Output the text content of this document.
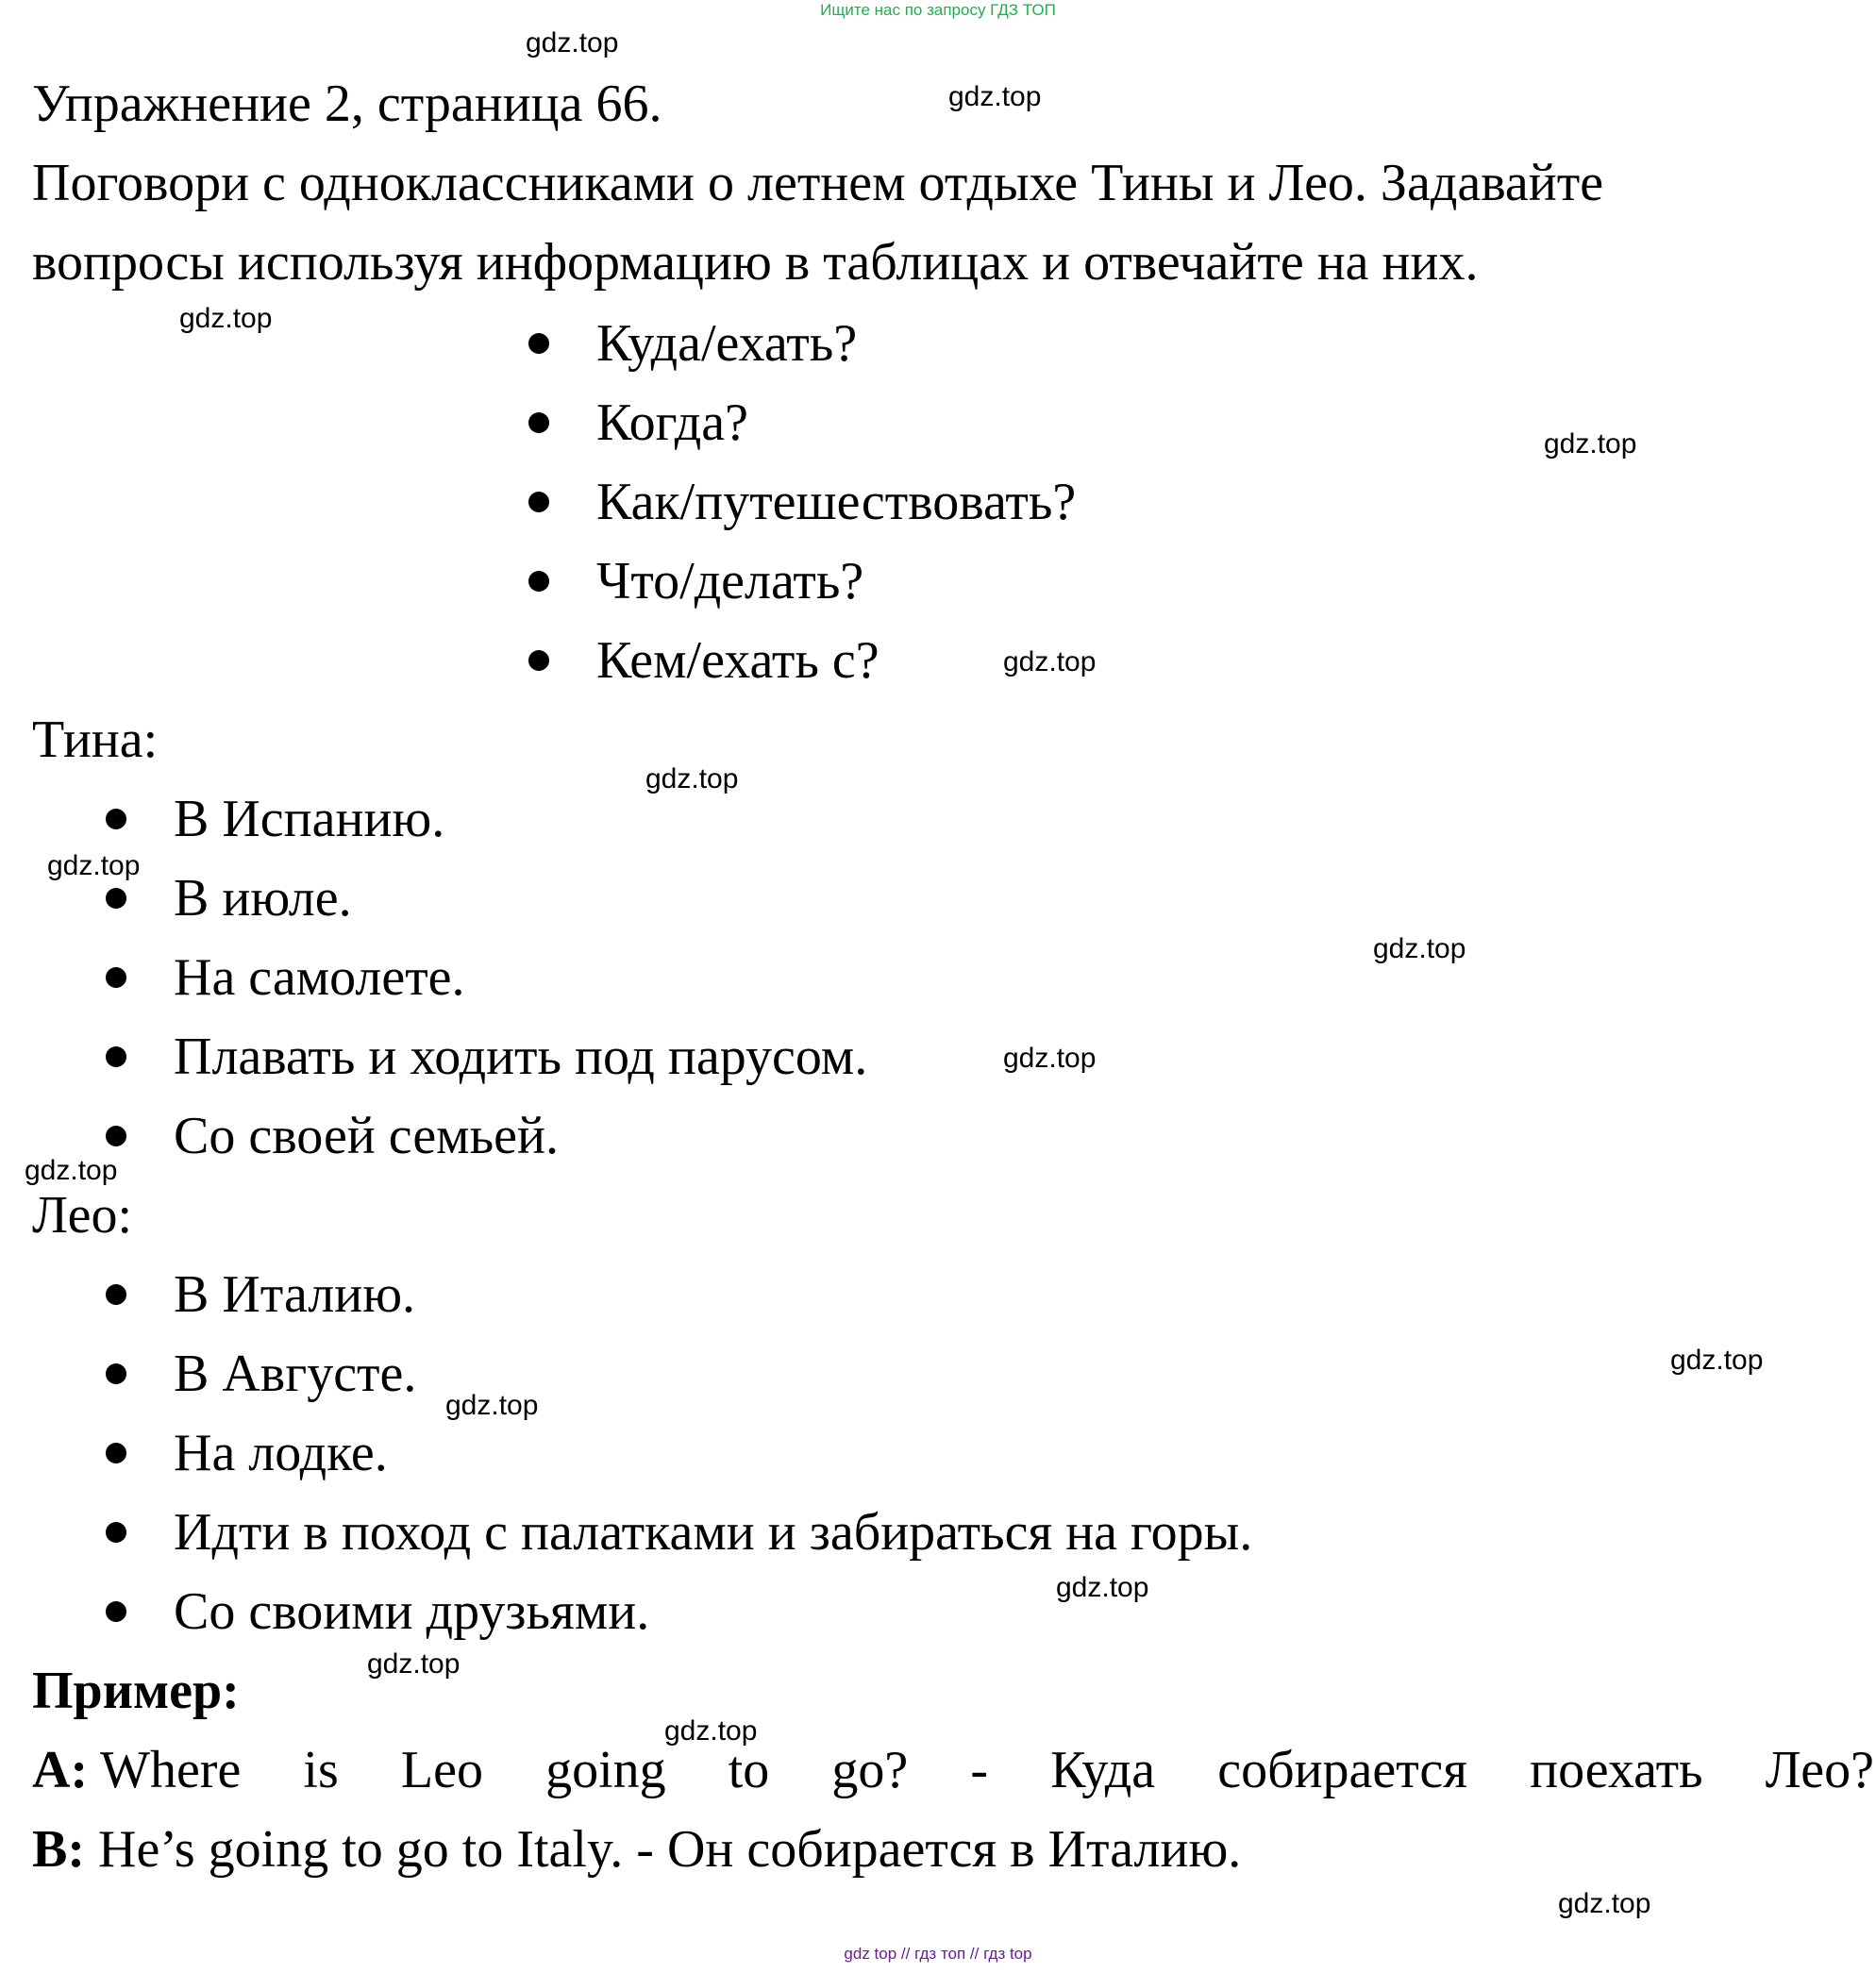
Ищите нас по запросу ГДЗ ТОП
Упражнение 2, страница 66.
Поговори с одноклассниками о летнем отдыхе Тины и Лео. Задавайте
вопросы используя информацию в таблицах и отвечайте на них.
Куда/ехать?
Когда?
Как/путешествовать?
Что/делать?
Кем/ехать с?
Тина:
В Испанию.
В июле.
На самолете.
Плавать и ходить под парусом.
Со своей семьей.
Лео:
В Италию.
В Августе.
На лодке.
Идти в поход с палатками и забираться на горы.
Со своими друзьями.
Пример:
A: Where is Leo going to go? - Куда собирается поехать Лео?
B: He’s going to go to Italy. - Он собирается в Италию.
gdz.top
gdz.top
gdz.top
gdz.top
gdz.top
gdz.top
gdz.top
gdz.top
gdz.top
gdz.top
gdz.top
gdz.top
gdz.top
gdz.top
gdz.top
gdz.top
gdz top // гдз топ // гдз top
